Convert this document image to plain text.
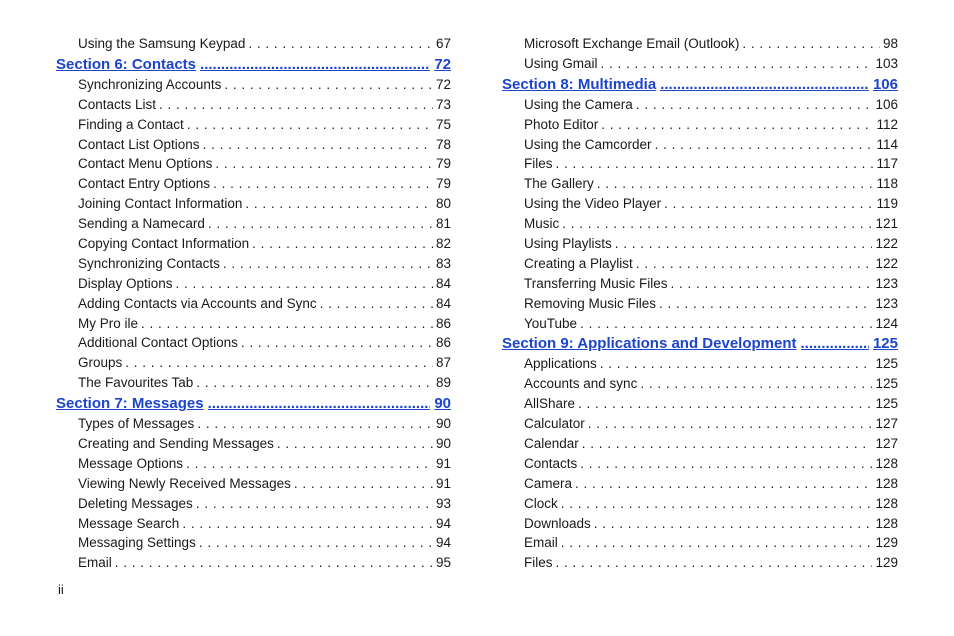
Using the Samsung Keypad . . .	67
Section 6: Contacts .....	72
Synchronizing Accounts . . .	72
Contacts List . . .	73
Finding a Contact . . .	75
Contact List Options . . .	78
Contact Menu Options . . .	79
Contact Entry Options . . .	79
Joining Contact Information . . .	80
Sending a Namecard . . .	81
Copying Contact Information . . .	82
Synchronizing Contacts . . .	83
Display Options . . .	84
Adding Contacts via Accounts and Sync . . .	84
My Pro ile . . .	86
Additional Contact Options . . .	86
Groups . . .	87
The Favourites Tab . . .	89
Section 7: Messages .....	90
Types of Messages . . .	90
Creating and Sending Messages . . .	90
Message Options . . .	91
Viewing Newly Received Messages . . .	91
Deleting Messages . . .	93
Message Search . . .	94
Messaging Settings . . .	94
Email . . .	95
Microsoft Exchange Email (Outlook) . . .	98
Using Gmail . . .	103
Section 8: Multimedia .....	106
Using the Camera . . .	106
Photo Editor . . .	112
Using the Camcorder . . .	114
Files . . .	117
The Gallery . . .	118
Using the Video Player . . .	119
Music . . .	121
Using Playlists . . .	122
Creating a Playlist . . .	122
Transferring Music Files . . .	123
Removing Music Files . . .	123
YouTube . . .	124
Section 9: Applications and Development .....	125
Applications . . .	125
Accounts and sync . . .	125
AllShare . . .	125
Calculator . . .	127
Calendar . . .	127
Contacts . . .	128
Camera . . .	128
Clock . . .	128
Downloads . . .	128
Email . . .	129
Files . . .	129
ii
